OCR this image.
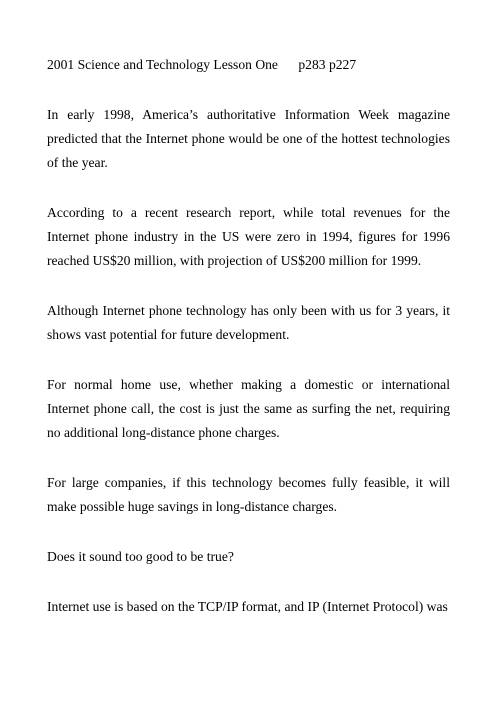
2001 Science and Technology Lesson One      p283 p227

In early 1998, America’s authoritative Information Week magazine predicted that the Internet phone would be one of the hottest technologies of the year.

According to a recent research report, while total revenues for the Internet phone industry in the US were zero in 1994, figures for 1996 reached US$20 million, with projection of US$200 million for 1999.

Although Internet phone technology has only been with us for 3 years, it shows vast potential for future development.

For normal home use, whether making a domestic or international Internet phone call, the cost is just the same as surfing the net, requiring no additional long-distance phone charges.

For large companies, if this technology becomes fully feasible, it will make possible huge savings in long-distance charges.

Does it sound too good to be true?

Internet use is based on the TCP/IP format, and IP (Internet Protocol) was
